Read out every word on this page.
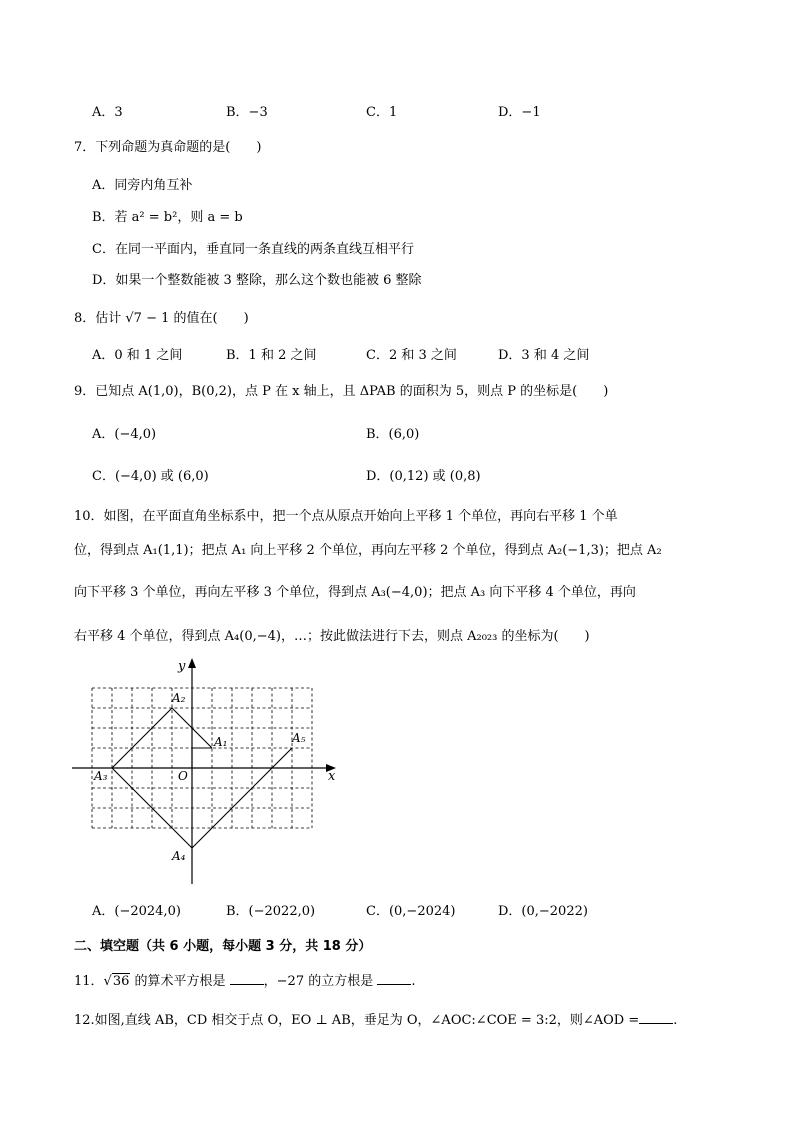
A．3	B．−3	C．1	D．−1
7．下列命题为真命题的是(　　)
A．同旁内角互补
B．若 a² = b²，则 a = b
C．在同一平面内，垂直同一条直线的两条直线互相平行
D．如果一个整数能被 3 整除，那么这个数也能被 6 整除
8．估计 √7 − 1 的值在(　　)
A．0 和 1 之间	B．1 和 2 之间	C．2 和 3 之间	D．3 和 4 之间
9．已知点 A(1,0)，B(0,2)，点 P 在 x 轴上，且 ΔPAB 的面积为 5，则点 P 的坐标是(　　)
A．(−4,0)	B．(6,0)
C．(−4,0) 或 (6,0)	D．(0,12) 或 (0,8)
10．如图，在平面直角坐标系中，把一个点从原点开始向上平移 1 个单位，再向右平移 1 个单
位，得到点 A₁(1,1)；把点 A₁ 向上平移 2 个单位，再向左平移 2 个单位，得到点 A₂(−1,3)；把点 A₂
向下平移 3 个单位，再向左平移 3 个单位，得到点 A₃(−4,0)；把点 A₃ 向下平移 4 个单位，再向
右平移 4 个单位，得到点 A₄(0,−4)，…；按此做法进行下去，则点 A₂₀₂₃ 的坐标为(　　)
x
y
O
A₁
A₂
A₃
A₄
A₅
A．(−2024,0)	B．(−2022,0)	C．(0,−2024)	D．(0,−2022)
二、填空题（共 6 小题，每小题 3 分，共 18 分）
11．√36 的算术平方根是	，−27 的立方根是	.
12.如图,直线 AB，CD 相交于点 O，EO ⊥ AB，垂足为 O，∠AOC:∠COE = 3:2，则∠AOD =	.
